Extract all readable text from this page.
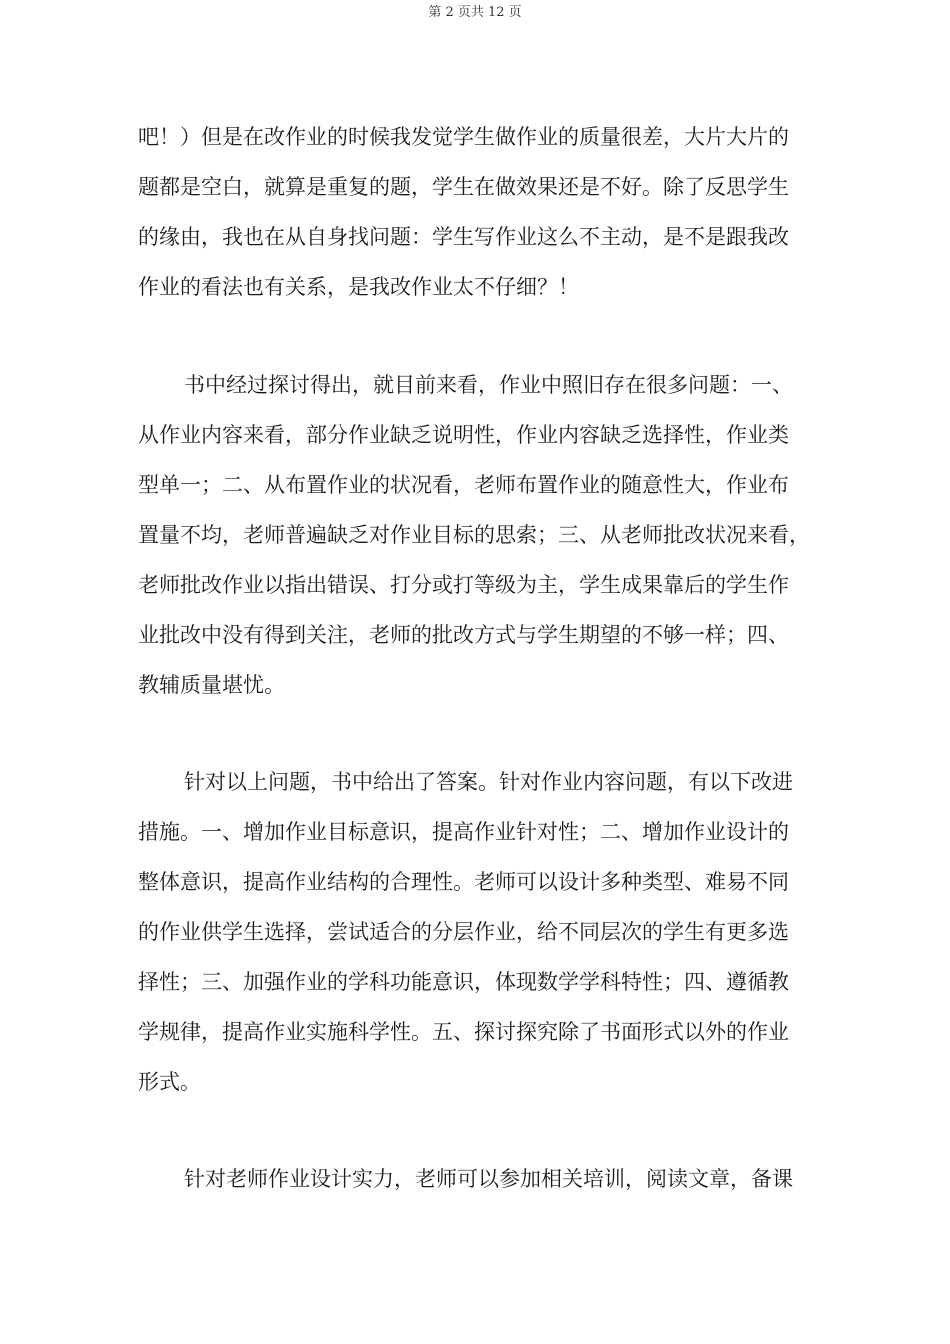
第 2 页共 12 页
吧！）但是在改作业的时候我发觉学生做作业的质量很差，大片大片的
题都是空白，就算是重复的题，学生在做效果还是不好。除了反思学生
的缘由，我也在从自身找问题：学生写作业这么不主动，是不是跟我改
作业的看法也有关系，是我改作业太不仔细？！
书中经过探讨得出，就目前来看，作业中照旧存在很多问题：一、
从作业内容来看，部分作业缺乏说明性，作业内容缺乏选择性，作业类
型单一；二、从布置作业的状况看，老师布置作业的随意性大，作业布
置量不均，老师普遍缺乏对作业目标的思索；三、从老师批改状况来看，
老师批改作业以指出错误、打分或打等级为主，学生成果靠后的学生作
业批改中没有得到关注，老师的批改方式与学生期望的不够一样；四、
教辅质量堪忧。
针对以上问题，书中给出了答案。针对作业内容问题，有以下改进
措施。一、增加作业目标意识，提高作业针对性；二、增加作业设计的
整体意识，提高作业结构的合理性。老师可以设计多种类型、难易不同
的作业供学生选择，尝试适合的分层作业，给不同层次的学生有更多选
择性；三、加强作业的学科功能意识，体现数学学科特性；四、遵循教
学规律，提高作业实施科学性。五、探讨探究除了书面形式以外的作业
形式。
针对老师作业设计实力，老师可以参加相关培训，阅读文章，备课
